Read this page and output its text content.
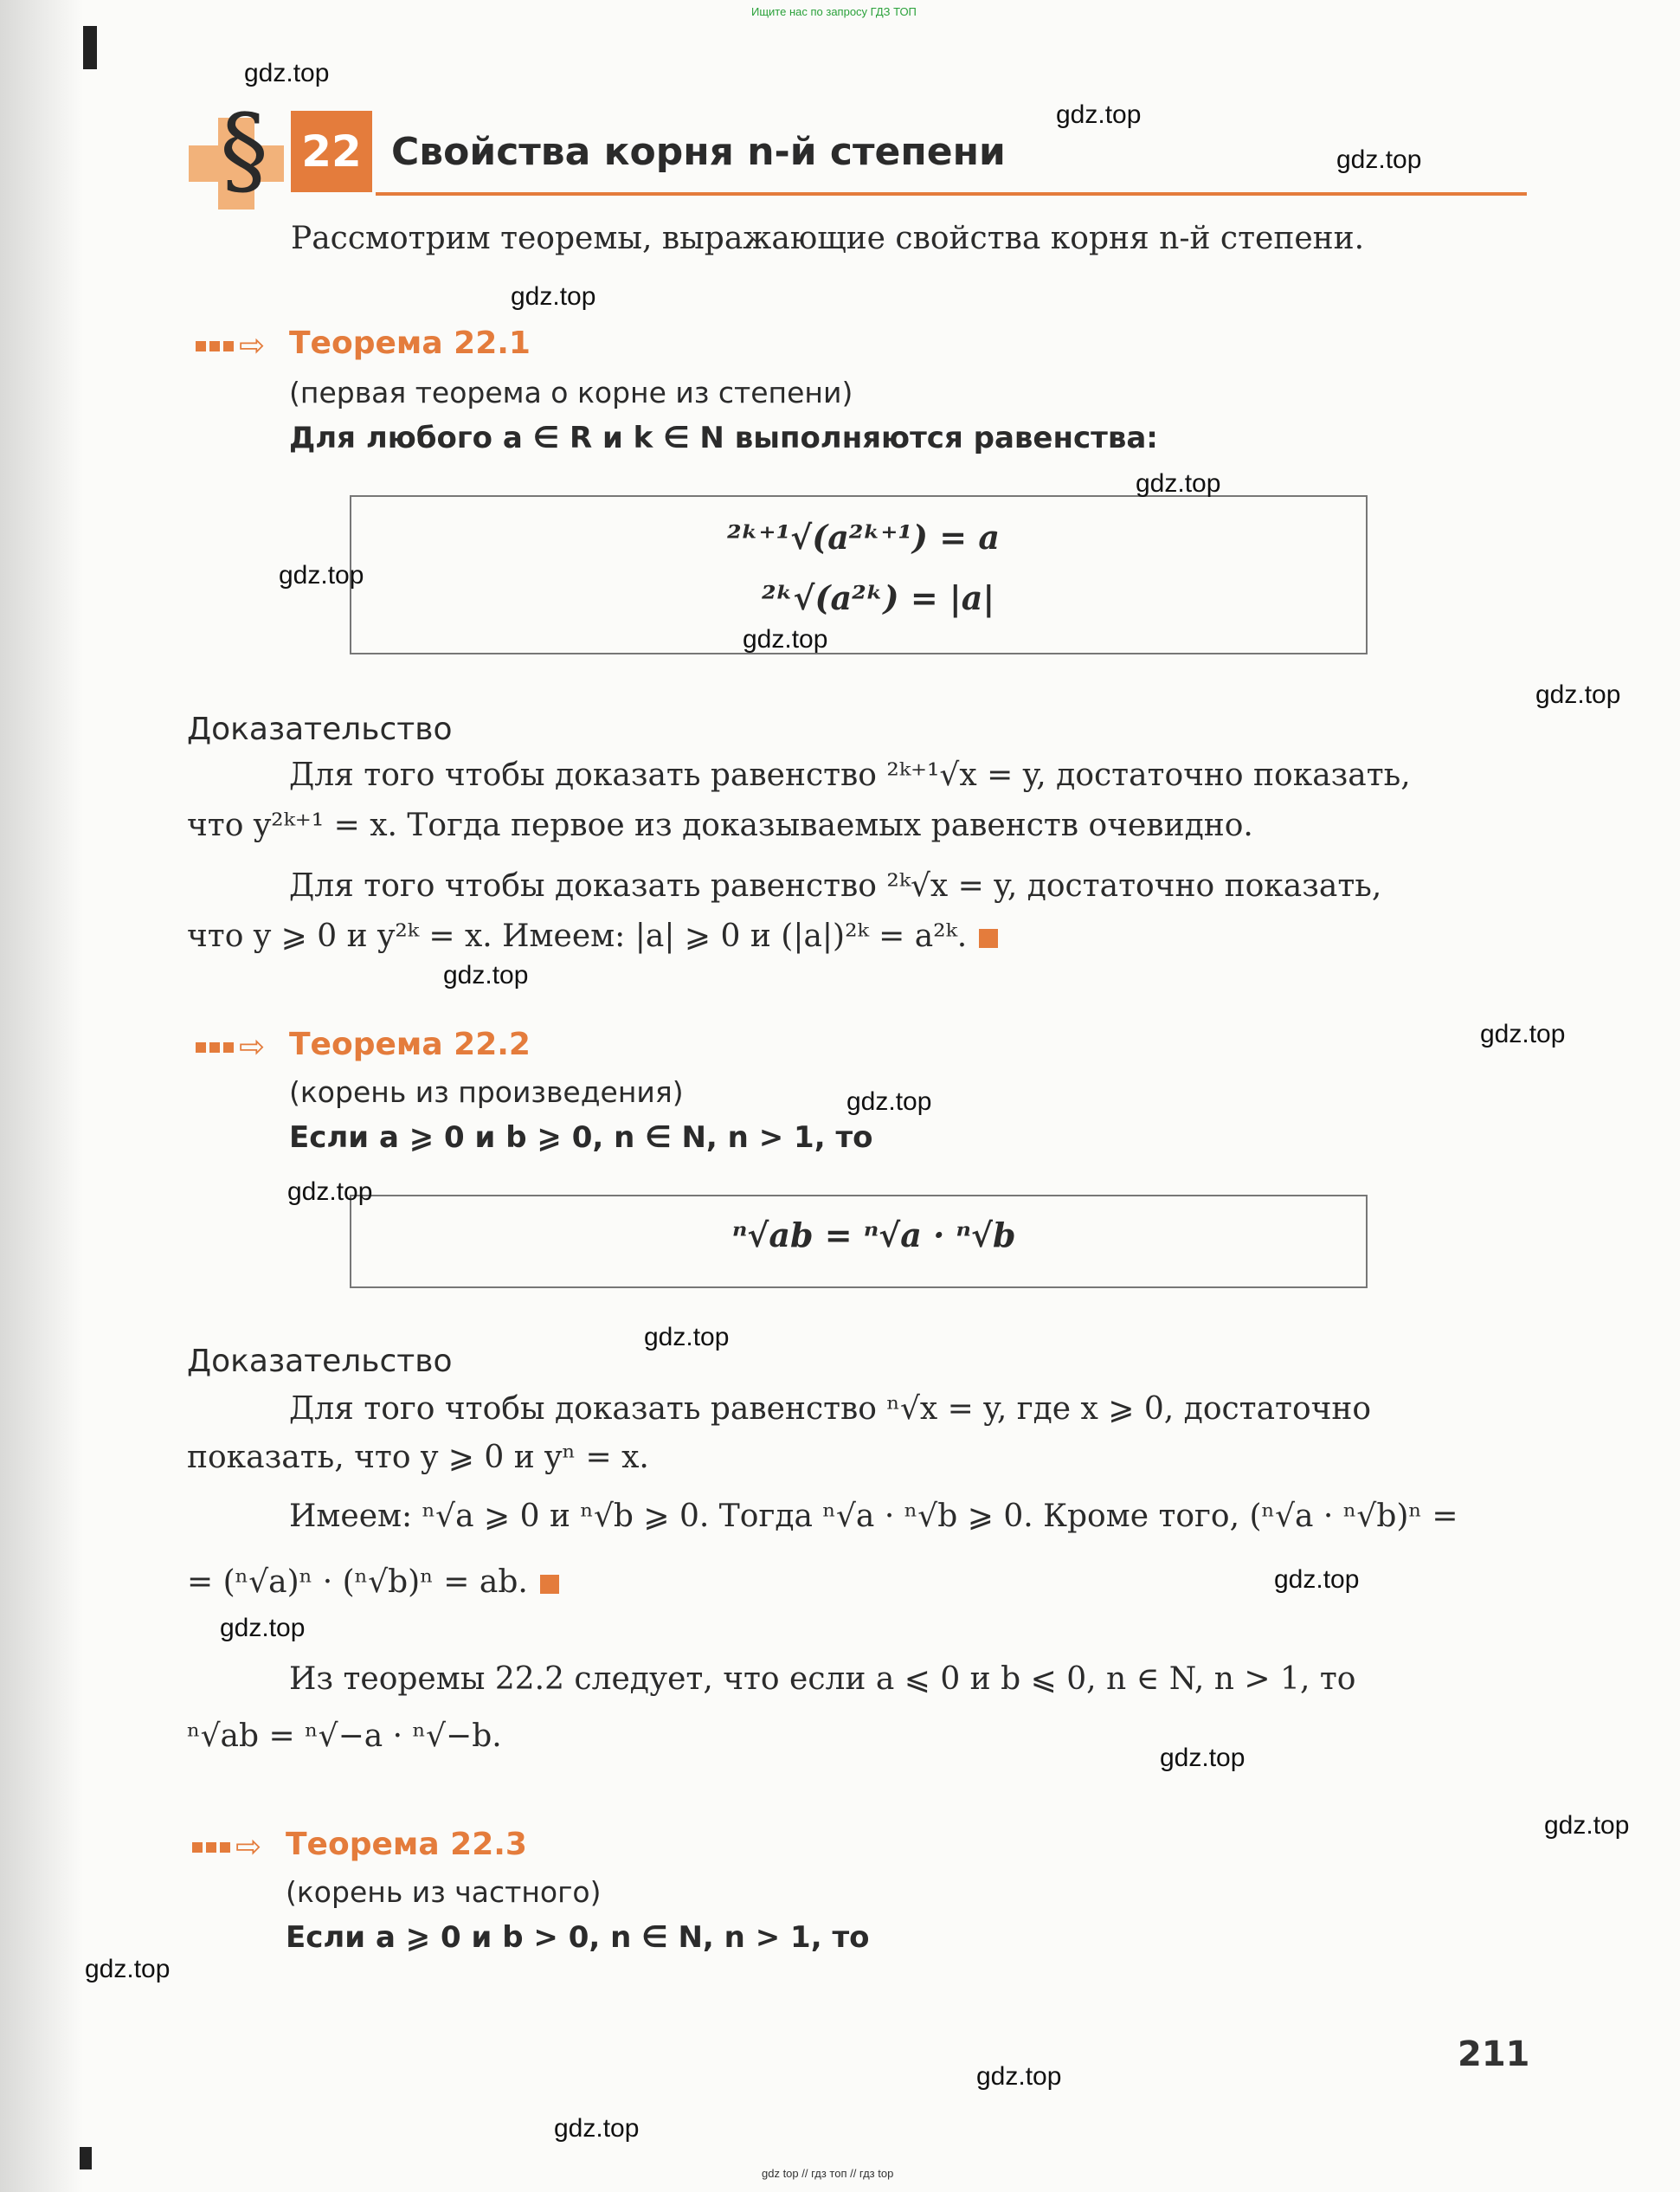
Ищите нас по запросу ГДЗ ТОП
§ 22 Свойства корня n-й степени
Рассмотрим теоремы, выражающие свойства корня n-й степени.
⇨ Теорема 22.1
(первая теорема о корне из степени)
Для любого a ∈ R и k ∈ N выполняются равенства:
²ᵏ⁺¹√(a²ᵏ⁺¹) = a
²ᵏ√(a²ᵏ) = |a|
Доказательство
Для того чтобы доказать равенство ²ᵏ⁺¹√x = y, достаточно показать,
что y²ᵏ⁺¹ = x. Тогда первое из доказываемых равенств очевидно.
Для того чтобы доказать равенство ²ᵏ√x = y, достаточно показать,
что y ⩾ 0 и y²ᵏ = x. Имеем: |a| ⩾ 0 и (|a|)²ᵏ = a²ᵏ.
⇨ Теорема 22.2
(корень из произведения)
Если a ⩾ 0 и b ⩾ 0, n ∈ N, n > 1, то
ⁿ√ab = ⁿ√a · ⁿ√b
Доказательство
Для того чтобы доказать равенство ⁿ√x = y, где x ⩾ 0, достаточно
показать, что y ⩾ 0 и yⁿ = x.
Имеем: ⁿ√a ⩾ 0 и ⁿ√b ⩾ 0. Тогда ⁿ√a · ⁿ√b ⩾ 0. Кроме того, (ⁿ√a · ⁿ√b)ⁿ =
= (ⁿ√a)ⁿ · (ⁿ√b)ⁿ = ab.
Из теоремы 22.2 следует, что если a ⩽ 0 и b ⩽ 0, n ∈ N, n > 1, то
ⁿ√ab = ⁿ√−a · ⁿ√−b.
⇨ Теорема 22.3
(корень из частного)
Если a ⩾ 0 и b > 0, n ∈ N, n > 1, то
211
gdz.top
gdz.top
gdz.top
gdz.top
gdz.top
gdz.top
gdz.top
gdz.top
gdz.top
gdz.top
gdz.top
gdz.top
gdz.top
gdz.top
gdz.top
gdz.top
gdz.top
gdz.top
gdz.top
gdz.top
gdz top // гдз топ // гдз top
